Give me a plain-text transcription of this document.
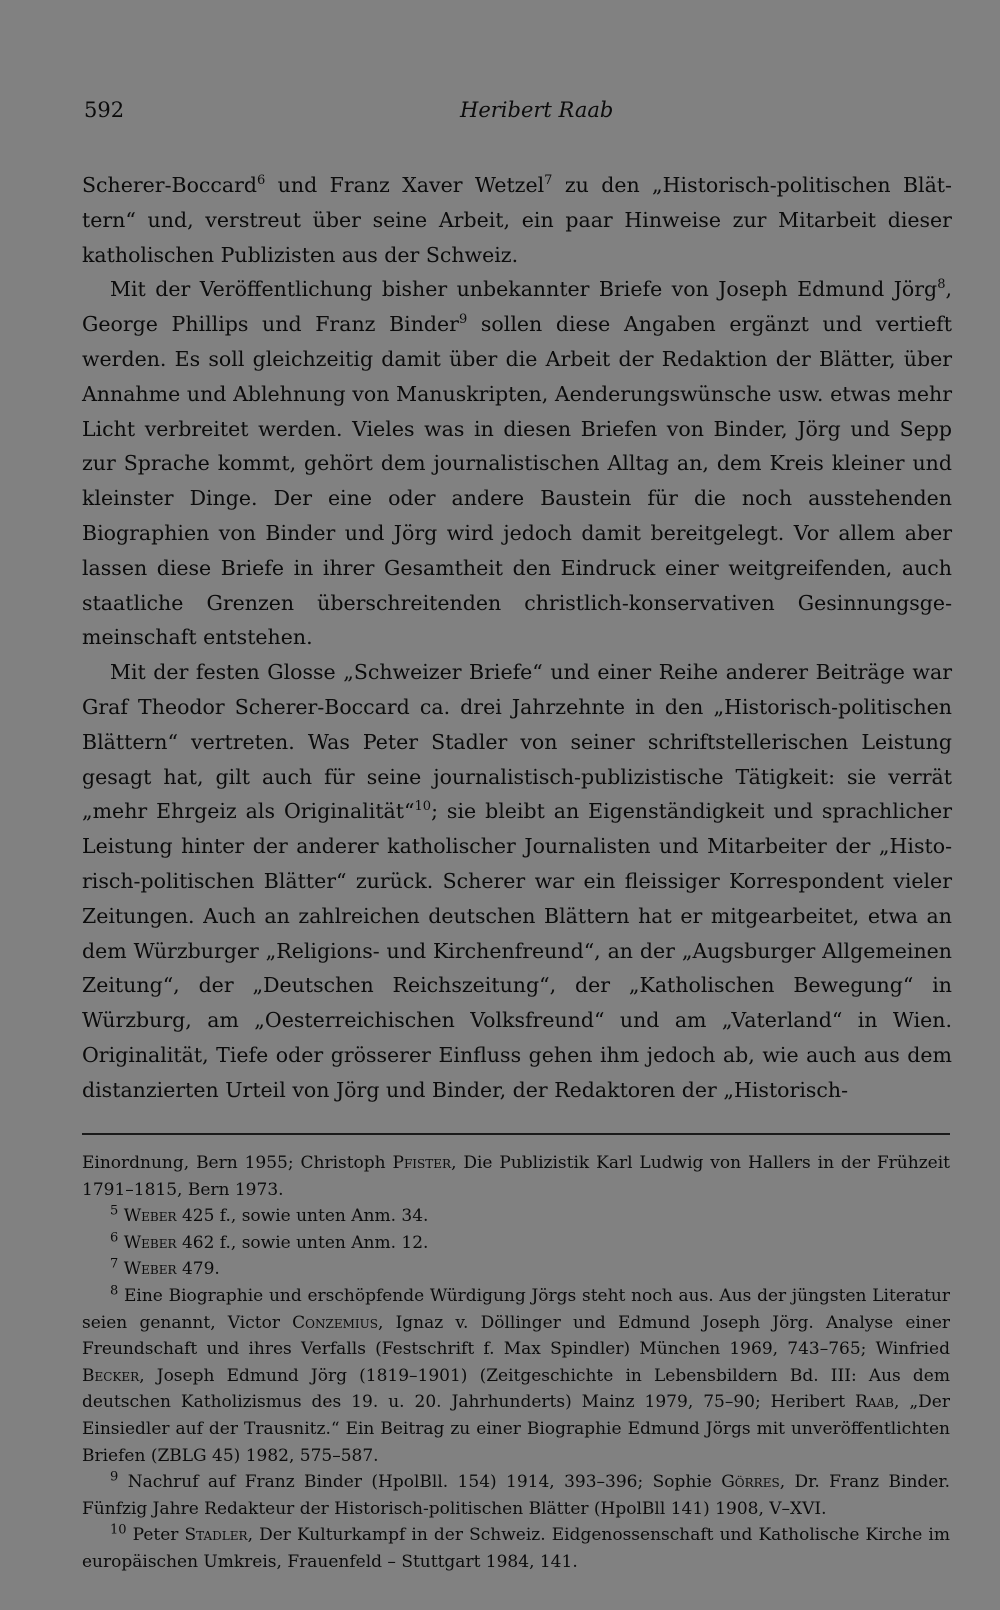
592	Heribert Raab

Scherer-Boccard$^6$ und Franz Xaver Wetzel$^7$ zu den „Historisch-politischen Blättern“ und, verstreut über seine Arbeit, ein paar Hinweise zur Mitarbeit dieser katholischen Publizisten aus der Schweiz.

Mit der Veröffentlichung bisher unbekannter Briefe von Joseph Edmund Jörg$^8$, George Phillips und Franz Binder$^9$ sollen diese Angaben ergänzt und vertieft werden. Es soll gleichzeitig damit über die Arbeit der Redaktion der Blätter, über Annahme und Ablehnung von Manuskripten, Aenderungswünsche usw. etwas mehr Licht verbreitet werden. Vieles was in diesen Briefen von Binder, Jörg und Sepp zur Sprache kommt, gehört dem journalistischen Alltag an, dem Kreis kleiner und kleinster Dinge. Der eine oder andere Baustein für die noch ausstehenden Biographien von Binder und Jörg wird jedoch damit bereitgelegt. Vor allem aber lassen diese Briefe in ihrer Gesamtheit den Eindruck einer weitgreifenden, auch staatliche Grenzen überschreitenden christlich-konservativen Gesinnungsgemeinschaft entstehen.

Mit der festen Glosse „Schweizer Briefe“ und einer Reihe anderer Beiträge war Graf Theodor Scherer-Boccard ca. drei Jahrzehnte in den „Historisch-politischen Blättern“ vertreten. Was Peter Stadler von seiner schriftstellerischen Leistung gesagt hat, gilt auch für seine journalistisch-publizistische Tätigkeit: sie verrät „mehr Ehrgeiz als Originalität“$^{10}$; sie bleibt an Eigenständigkeit und sprachlicher Leistung hinter der anderer katholischer Journalisten und Mitarbeiter der „Historisch-politischen Blätter“ zurück. Scherer war ein fleissiger Korrespondent vieler Zeitungen. Auch an zahlreichen deutschen Blättern hat er mitgearbeitet, etwa an dem Würzburger „Religions- und Kirchenfreund“, an der „Augsburger Allgemeinen Zeitung“, der „Deutschen Reichszeitung“, der „Katholischen Bewegung“ in Würzburg, am „Oesterreichischen Volksfreund“ und am „Vaterland“ in Wien. Originalität, Tiefe oder grösserer Einfluss gehen ihm jedoch ab, wie auch aus dem distanzierten Urteil von Jörg und Binder, der Redaktoren der „Historisch-

Einordnung, Bern 1955; Christoph Pfister, Die Publizistik Karl Ludwig von Hallers in der Frühzeit 1791–1815, Bern 1973.

$^5$ Weber 425 f., sowie unten Anm. 34.

$^6$ Weber 462 f., sowie unten Anm. 12.

$^7$ Weber 479.

$^8$ Eine Biographie und erschöpfende Würdigung Jörgs steht noch aus. Aus der jüngsten Literatur seien genannt, Victor Conzemius, Ignaz v. Döllinger und Edmund Joseph Jörg. Analyse einer Freundschaft und ihres Verfalls (Festschrift f. Max Spindler) München 1969, 743–765; Winfried Becker, Joseph Edmund Jörg (1819–1901) (Zeitgeschichte in Lebensbildern Bd. III: Aus dem deutschen Katholizismus des 19. u. 20. Jahrhunderts) Mainz 1979, 75–90; Heribert Raab, „Der Einsiedler auf der Trausnitz.“ Ein Beitrag zu einer Biographie Edmund Jörgs mit unveröffentlichten Briefen (ZBLG 45) 1982, 575–587.

$^9$ Nachruf auf Franz Binder (HpolBll. 154) 1914, 393–396; Sophie Görres, Dr. Franz Binder. Fünfzig Jahre Redakteur der Historisch-politischen Blätter (HpolBll 141) 1908, V–XVI.

$^{10}$ Peter Stadler, Der Kulturkampf in der Schweiz. Eidgenossenschaft und Katholische Kirche im europäischen Umkreis, Frauenfeld – Stuttgart 1984, 141.
